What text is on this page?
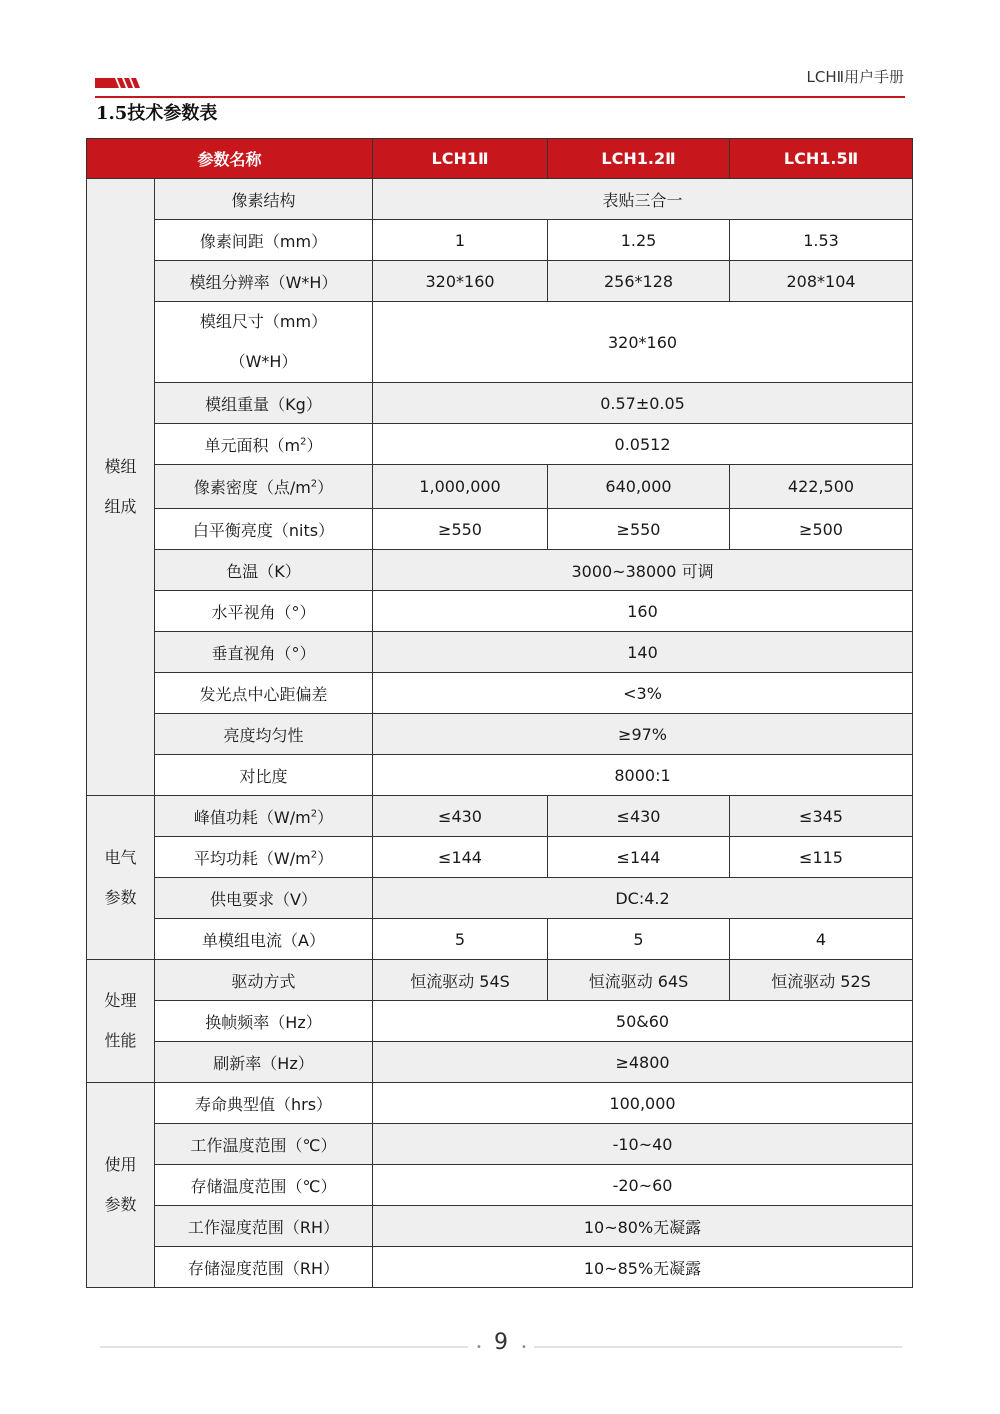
LCHⅡ用户手册
1.5技术参数表
参数名称		LCH1Ⅱ	LCH1.2Ⅱ	LCH1.5Ⅱ
模组组成	像素结构	表贴三合一		
	像素间距（mm）	1	1.25	1.53
	模组分辨率（W*H）	320*160	256*128	208*104
	模组尺寸（mm）（W*H）	320*160		
	模组重量（Kg）	0.57±0.05		
	单元面积$(m^2)$	0.0512		
	像素密度（点$/m^2$）	1,000,000	640,000	422,500
	白平衡亮度（nits）	≥550	≥550	≥500
	色温（K）	3000~38000 可调		
	水平视角（°）	160		
	垂直视角（°）	140		
	发光点中心距偏差	<3%		
	亮度均匀性	≥97%		
	对比度	8000:1		
电气参数	峰值功耗$(W/m^2)$	≤430	≤430	≤345
	平均功耗$(W/m^2)$	≤144	≤144	≤115
	供电要求（V）	DC:4.2		
	单模组电流（A）	5	5	4
处理性能	驱动方式	恒流驱动 54S	恒流驱动 64S	恒流驱动 52S
	换帧频率（Hz）	50&60		
	刷新率（Hz）	≥4800		
使用参数	寿命典型值（hrs）	100,000		
	工作温度范围（℃）	-10~40		
	存储温度范围（℃）	-20~60		
	工作湿度范围（RH）	10~80%无凝露		
	存储湿度范围（RH）	10~85%无凝露		
• 9	•
